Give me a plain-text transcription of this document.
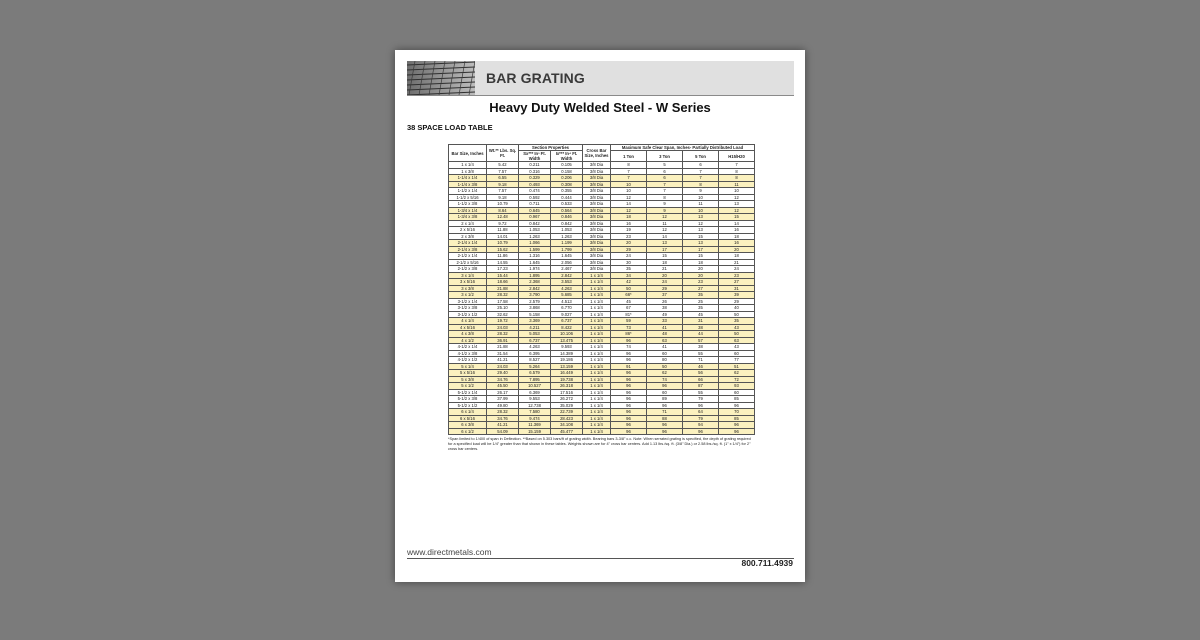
BAR GRATING
Heavy Duty Welded Steel - W Series
38 SPACE LOAD TABLE
Bar Size, Inches	Wt.** Lbs. Sq. Ft.	Section Properties		Cross Bar Size, Inches	Maximum Safe Clear Span, Inches- Partially Distributed Load			
		Sx*** In³ Ft. Width	Ix*** In⁴ Ft. Width		1 Ton	3 Ton	5 Ton	H15/H20
1 x 1/4	5.42	0.211	0.105	3/8 Dia	8	5	6	7
1 x 3/8	7.57	0.316	0.158	3/8 Dia	7	6	7	8
1-1/4 x 1/4	6.55	0.329	0.206	3/8 Dia	7	6	7	8
1-1/4 x 3/8	9.18	0.493	0.308	3/8 Dia	10	7	8	11
1-1/2 x 1/4	7.57	0.474	0.355	3/8 Dia	10	7	9	10
1-1/2 x 5/16	9.18	0.592	0.444	3/8 Dia	12	8	10	12
1-1/2 x 3/8	10.79	0.711	0.533	3/8 Dia	14	9	11	13
1-3/4 x 1/4	8.64	0.645	0.564	3/8 Dia	12	9	10	12
1-3/4 x 3/8	12.48	0.967	0.846	3/8 Dia	18	12	13	15
2 x 1/4	9.72	0.842	0.842	3/8 Dia	16	11	12	14
2 x 5/16	11.88	1.053	1.053	3/8 Dia	19	12	13	16
2 x 3/8	14.01	1.263	1.263	3/8 Dia	23	14	15	18
2-1/4 x 1/4	10.79	1.066	1.199	3/8 Dia	20	13	13	16
2-1/4 x 3/8	15.62	1.599	1.799	3/8 Dia	29	17	17	20
2-1/2 x 1/4	11.86	1.316	1.645	3/8 Dia	24	15	15	18
2-1/2 x 5/16	14.55	1.645	2.056	3/8 Dia	30	18	18	21
2-1/2 x 3/8	17.23	1.974	2.467	3/8 Dia	35	21	20	24
3 x 1/4	15.44	1.895	2.842	1 x 1/4	34	20	20	23
3 x 5/16	18.66	2.368	3.553	1 x 1/4	42	24	23	27
3 x 3/8	21.88	2.842	4.263	1 x 1/4	50	29	27	31
3 x 1/2	28.32	3.790	5.685	1 x 1/4	66*	37	35	39
3-1/2 x 1/4	17.58	2.579	4.513	1 x 1/4	45	26	25	29
3-1/2 x 3/8	25.10	3.868	6.770	1 x 1/4	67	38	35	40
3-1/2 x 1/2	32.62	5.158	9.027	1 x 1/4	81*	49	45	50
4 x 1/4	19.72	3.369	6.737	1 x 1/4	59	33	31	35
4 x 5/16	24.03	4.211	8.422	1 x 1/4	73	41	38	43
4 x 3/8	28.32	5.053	10.106	1 x 1/4	86*	48	44	50
4 x 1/2	36.91	6.737	13.475	1 x 1/4	96	63	57	63
4-1/2 x 1/4	21.88	4.263	9.593	1 x 1/4	74	41	38	43
4-1/2 x 3/8	31.54	6.395	14.389	1 x 1/4	96	60	55	60
4-1/2 x 1/2	41.21	8.527	19.186	1 x 1/4	96	80	71	77
5 x 1/4	24.03	5.264	13.159	1 x 1/4	91	50	46	51
5 x 5/16	29.40	6.579	16.449	1 x 1/4	96	62	56	62
5 x 3/8	34.76	7.895	19.738	1 x 1/4	96	74	66	72
5 x 1/2	45.50	10.527	26.318	1 x 1/4	96	96	87	93
5-1/2 x 1/4	26.17	6.369	17.516	1 x 1/4	96	60	55	60
5-1/2 x 3/8	37.99	9.553	26.272	1 x 1/4	96	89	79	85
5-1/2 x 1/2	49.80	12.738	35.029	1 x 1/4	96	96	96	96
6 x 1/4	28.32	7.580	22.739	1 x 1/4	96	71	64	70
6 x 5/16	34.76	9.474	28.423	1 x 1/4	96	88	79	85
6 x 3/8	41.21	11.369	34.108	1 x 1/4	96	96	94	96
6 x 1/2	54.09	15.159	45.477	1 x 1/4	96	96	96	96
*Span limited to 1/400 of span in Deflection. **Based on 5.303 bars/ft of grating width. Bearing bars 3-3/8" c.c. Note: When serrated grating is specified, the depth of grating required for a specified load will be 1/4" greater than that shown in these tables. Weights shown are for 4" cross bar centers. Add 1.13 lbs./sq. ft. (3/8" Dia.) or 2.58 lbs./sq. ft. (1" x 1/4") for 2" cross bar centers.
www.directmetals.com
800.711.4939
